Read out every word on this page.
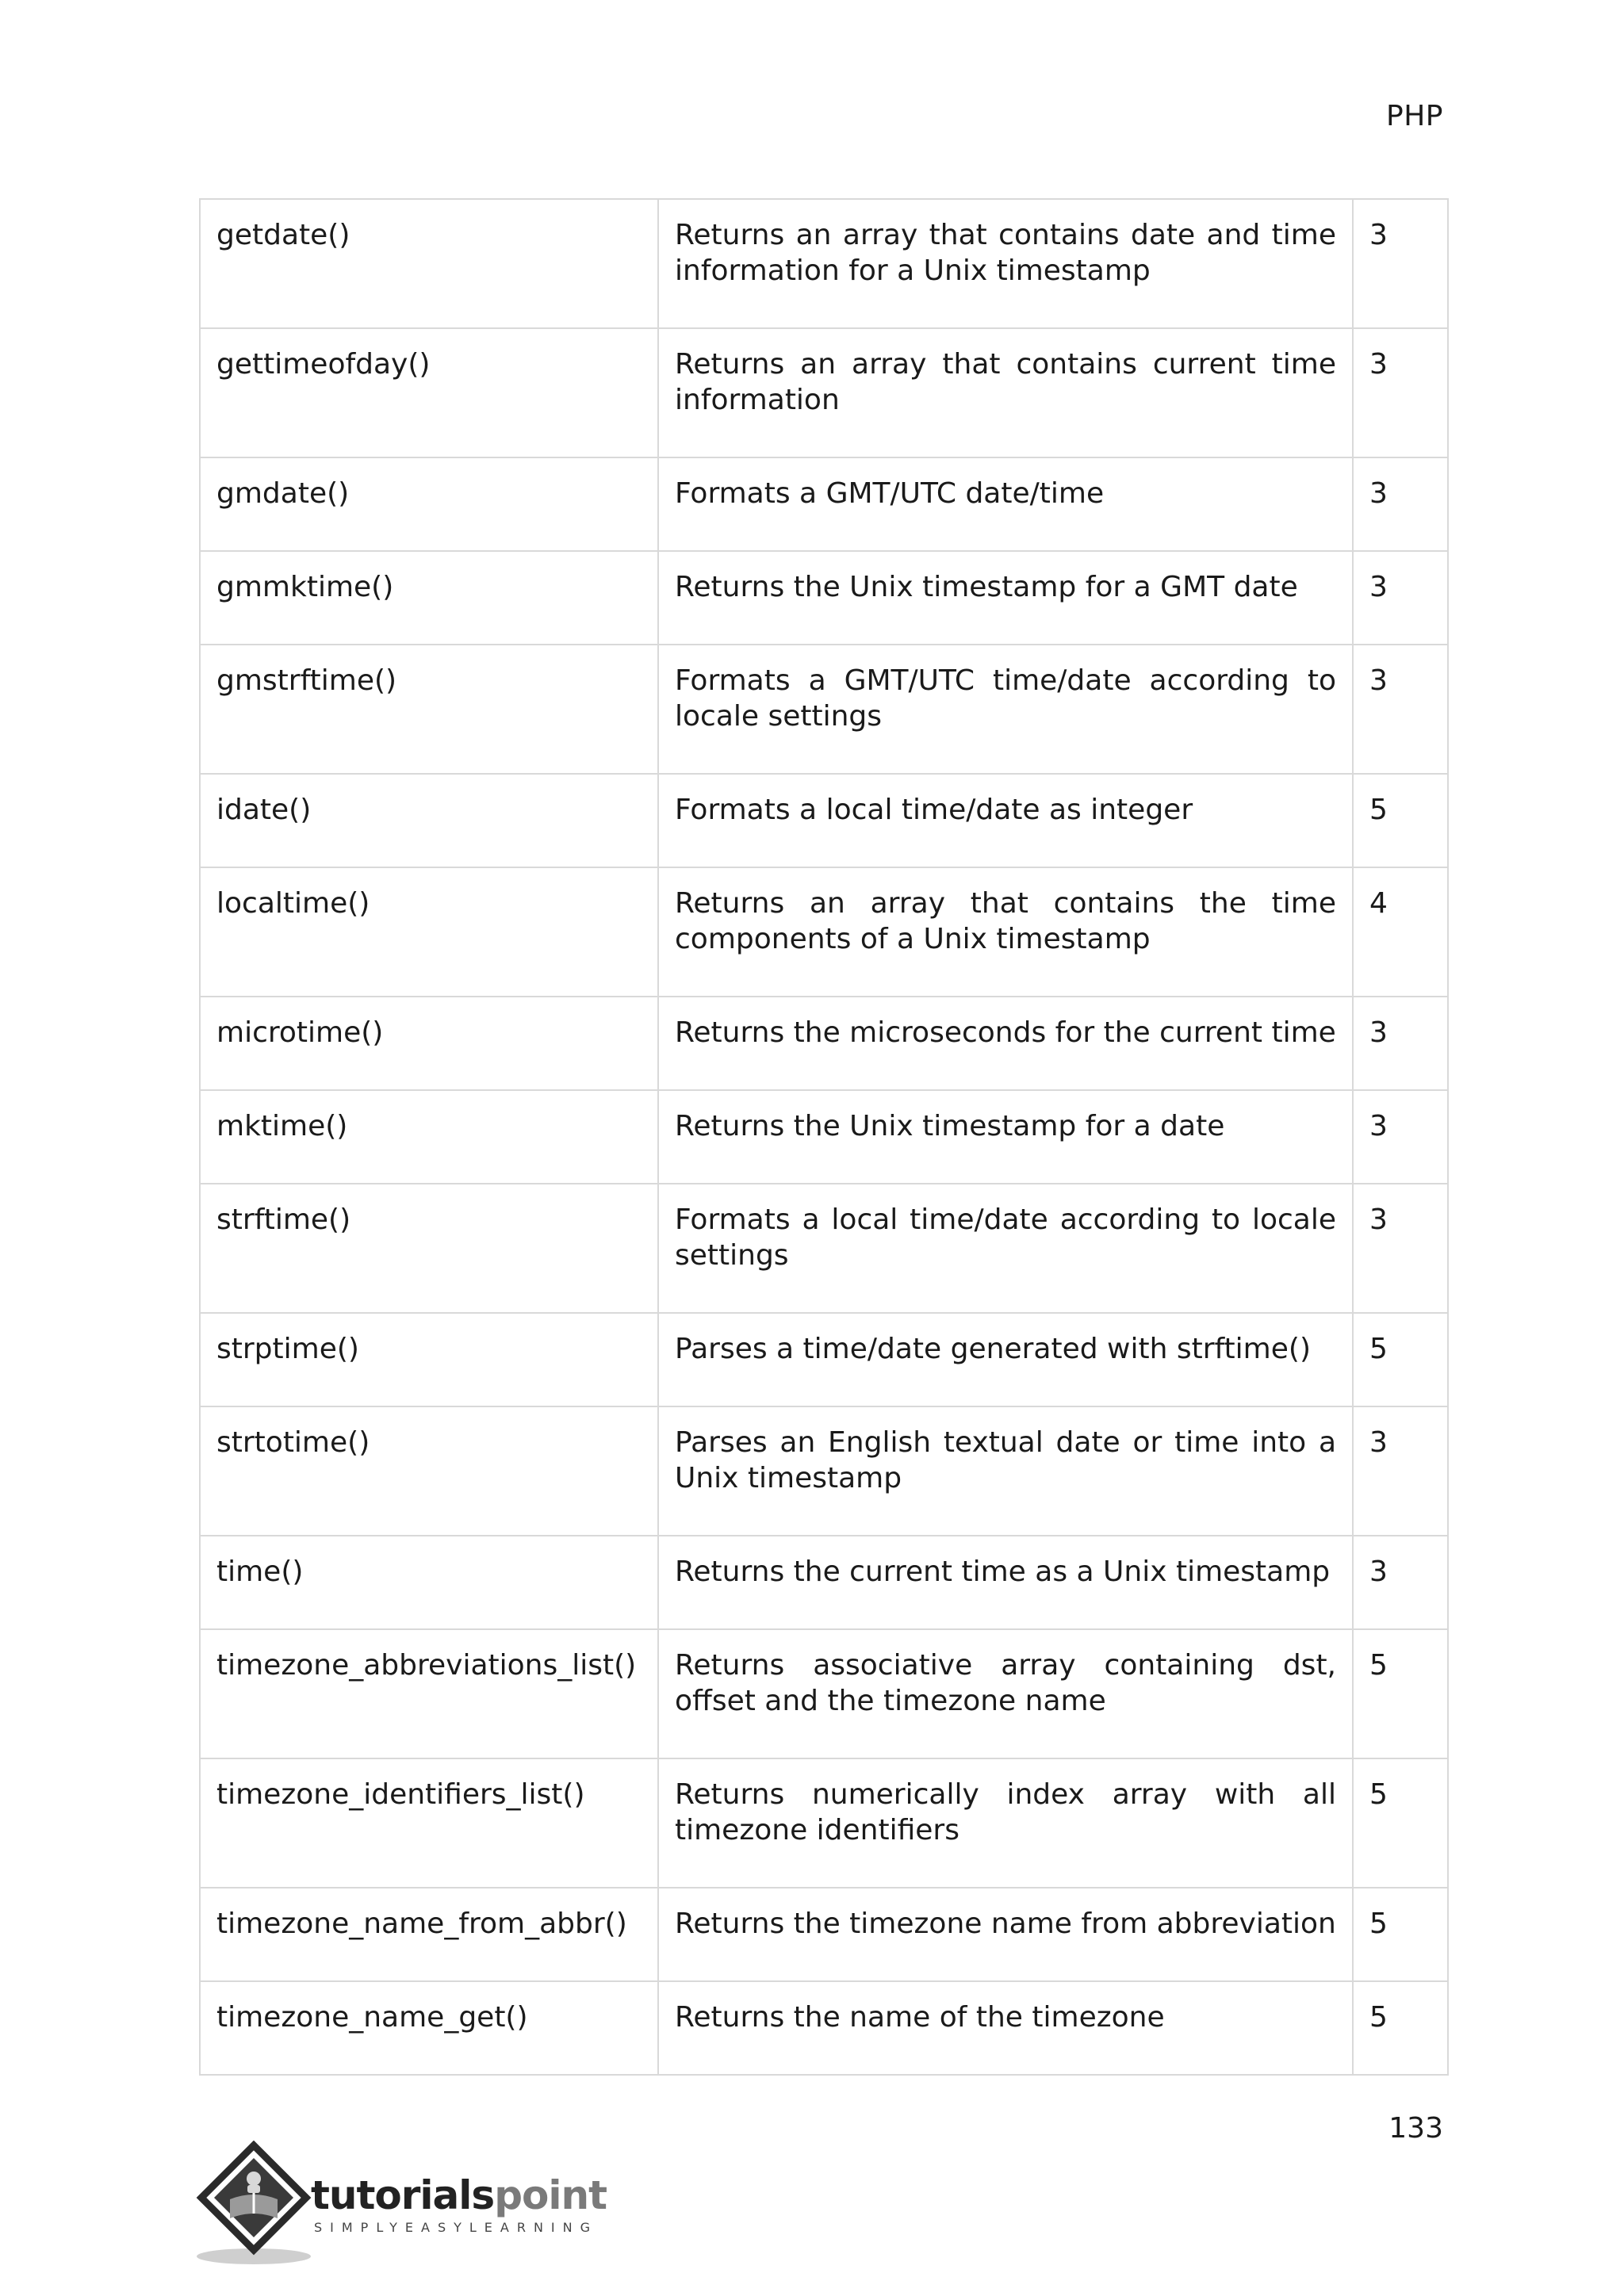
PHP
getdate()	Returns an array that contains date and time information for a Unix timestamp	3
gettimeofday()	Returns an array that contains current time information	3
gmdate()	Formats a GMT/UTC date/time	3
gmmktime()	Returns the Unix timestamp for a GMT date	3
gmstrftime()	Formats a GMT/UTC time/date according to locale settings	3
idate()	Formats a local time/date as integer	5
localtime()	Returns an array that contains the time components of a Unix timestamp	4
microtime()	Returns the microseconds for the current time	3
mktime()	Returns the Unix timestamp for a date	3
strftime()	Formats a local time/date according to locale settings	3
strptime()	Parses a time/date generated with strftime()	5
strtotime()	Parses an English textual date or time into a Unix timestamp	3
time()	Returns the current time as a Unix timestamp	3
timezone_abbreviations_list()	Returns associative array containing dst, offset and the timezone name	5
timezone_identifiers_list()	Returns numerically index array with all timezone identifiers	5
timezone_name_from_abbr()	Returns the timezone name from abbreviation	5
timezone_name_get()	Returns the name of the timezone	5
133
tutorialspoint
SIMPLYEASYLEARNING
